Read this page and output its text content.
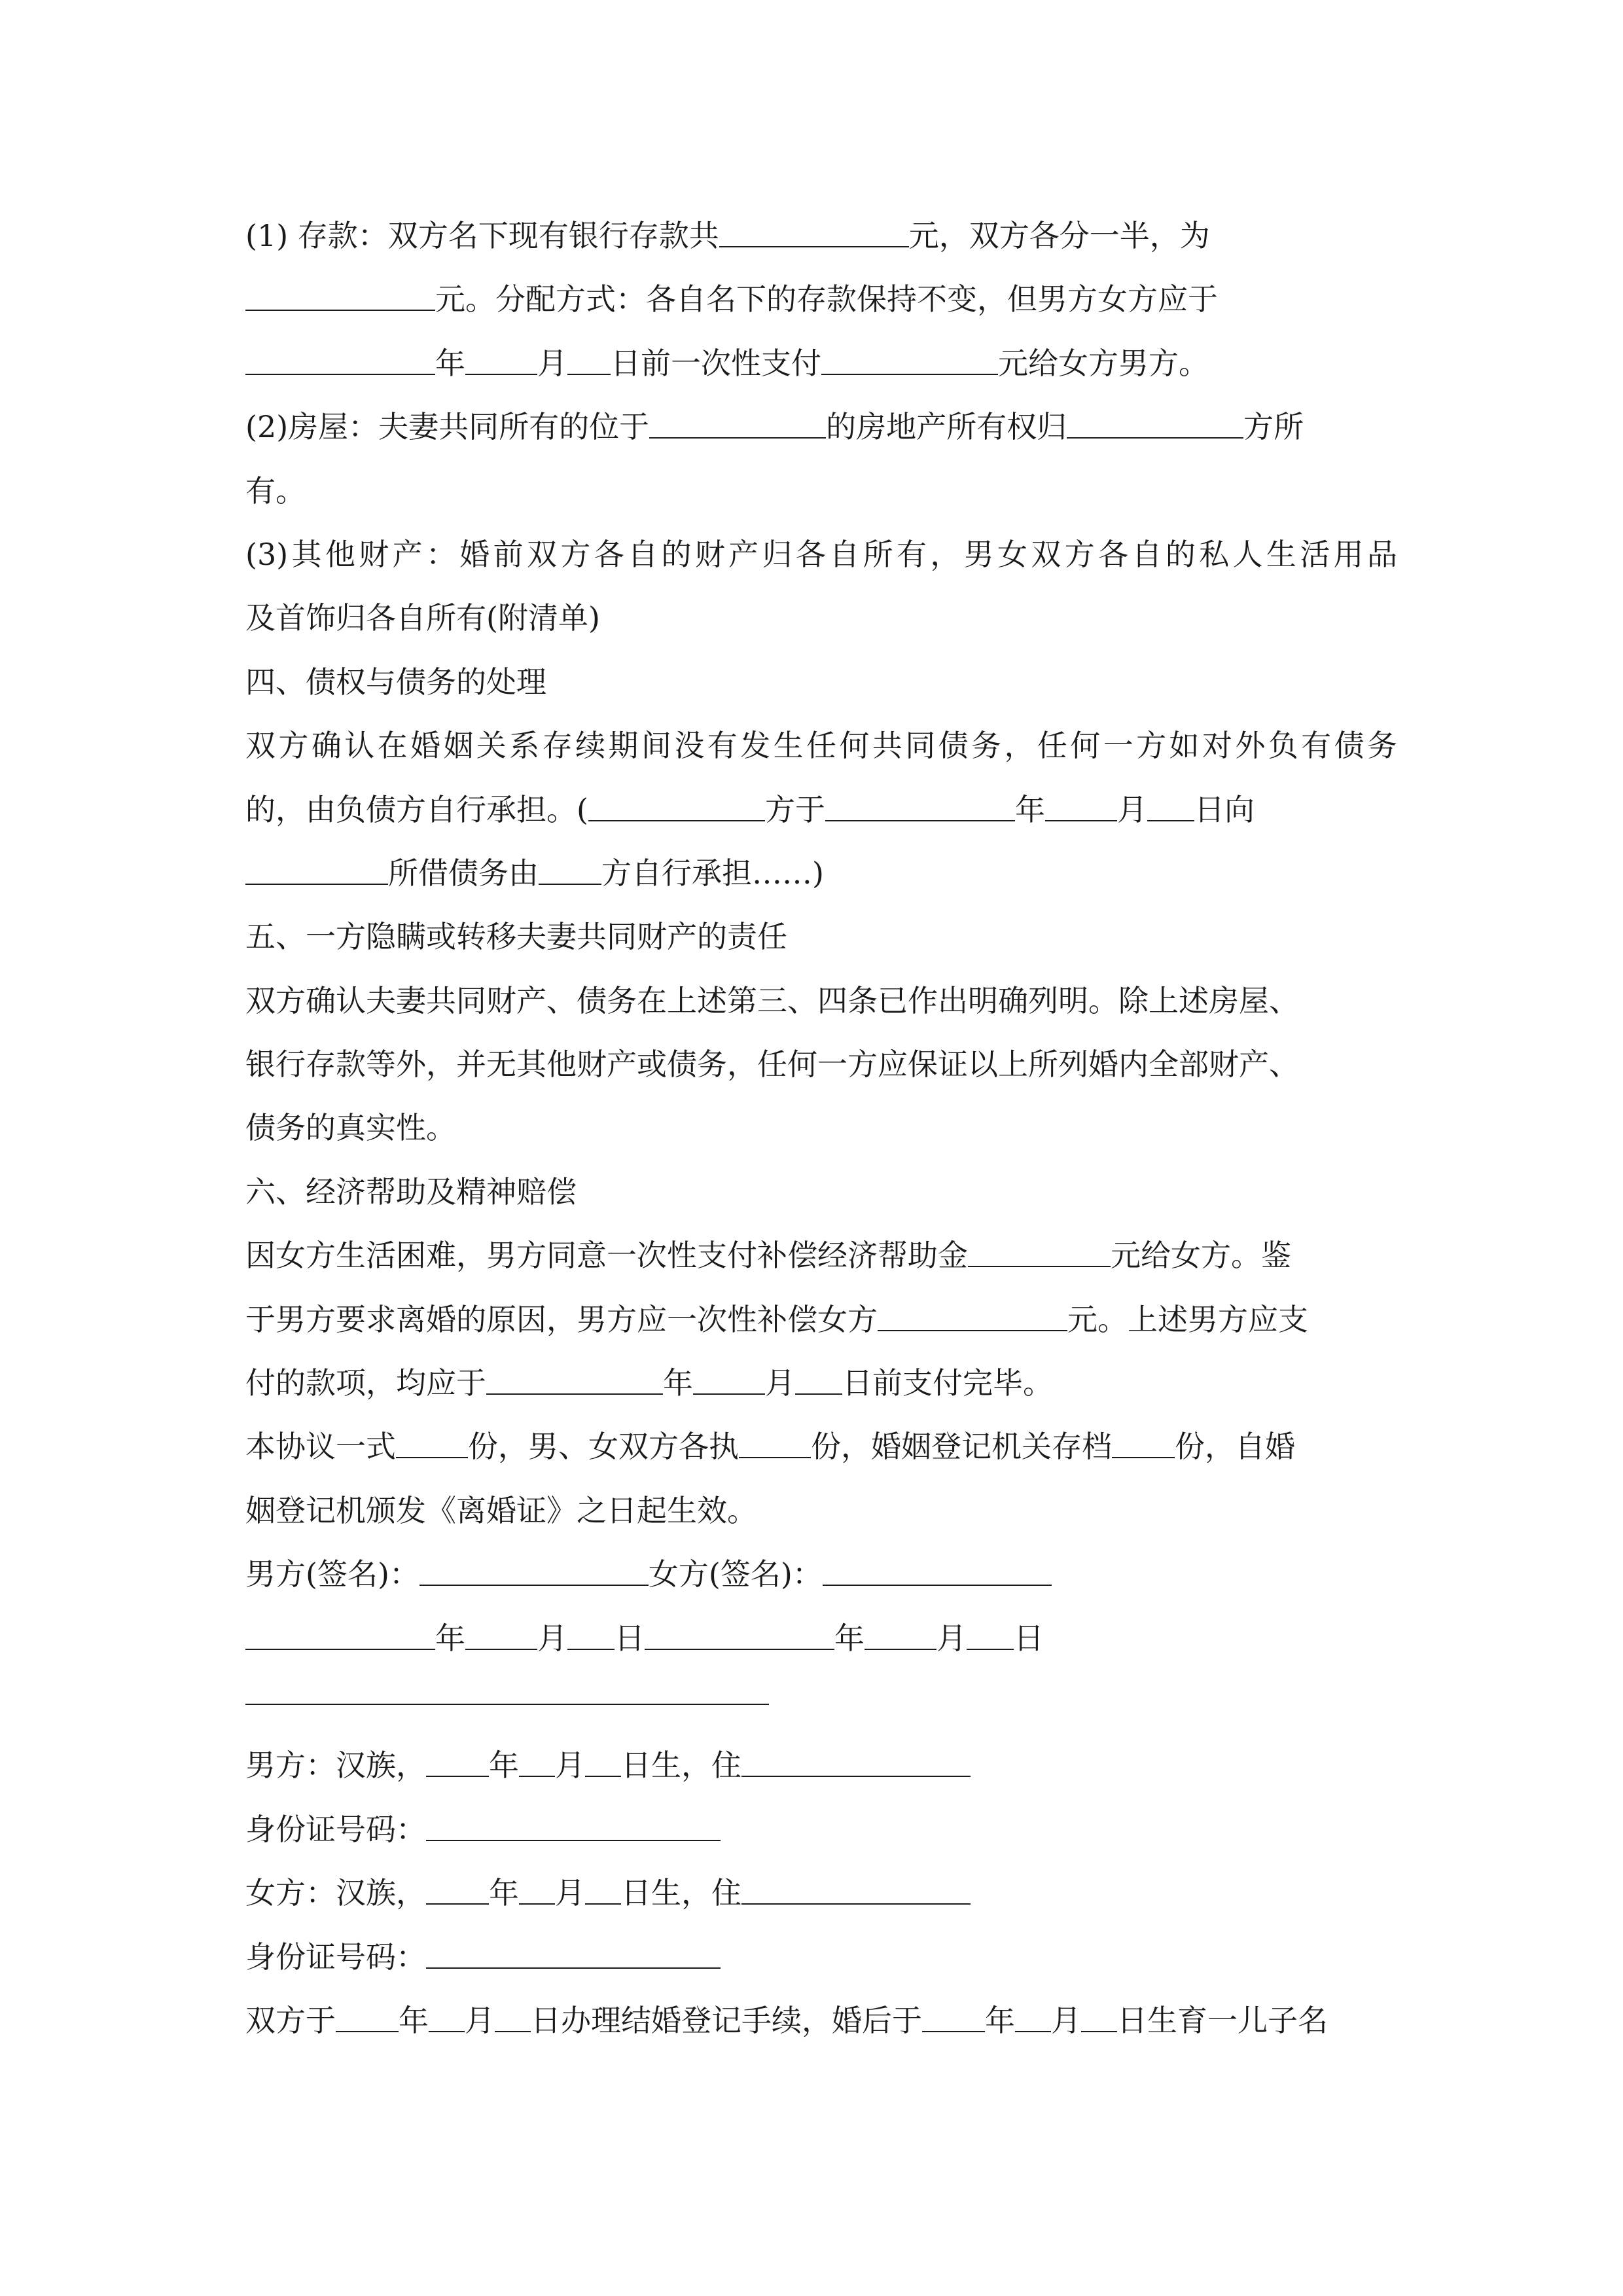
(1) 存款：双方名下现有银行存款共	元，双方各分一半，为
元。分配方式：各自名下的存款保持不变，但男方女方应于
年 月 日前一次性支付	元给女方男方。
(2)房屋：夫妻共同所有的位于	的房地产所有权归	方所
有。
(3)其他财产：婚前双方各自的财产归各自所有，男女双方各自的私人生活用品
及首饰归各自所有(附清单)
四、债权与债务的处理
双方确认在婚姻关系存续期间没有发生任何共同债务，任何一方如对外负有债务
的，由负债方自行承担。(	方于	年 月 日向
所借债务由 方自行承担……)
五、一方隐瞒或转移夫妻共同财产的责任
双方确认夫妻共同财产、债务在上述第三、四条已作出明确列明。除上述房屋、
银行存款等外，并无其他财产或债务，任何一方应保证以上所列婚内全部财产、
债务的真实性。
六、经济帮助及精神赔偿
因女方生活困难，男方同意一次性支付补偿经济帮助金	元给女方。鉴
于男方要求离婚的原因，男方应一次性补偿女方	元。上述男方应支
付的款项，均应于	年 月 日前支付完毕。
本协议一式 份，男、女双方各执 份，婚姻登记机关存档 份，自婚
姻登记机颁发《离婚证》之日起生效。
男方(签名)：	女方(签名)：
年 月 日	年 月 日
男方：汉族， 年 月 日生，住
身份证号码：
女方：汉族， 年 月 日生，住
身份证号码：
双方于 年 月 日办理结婚登记手续，婚后于 年 月 日生育一儿子名
